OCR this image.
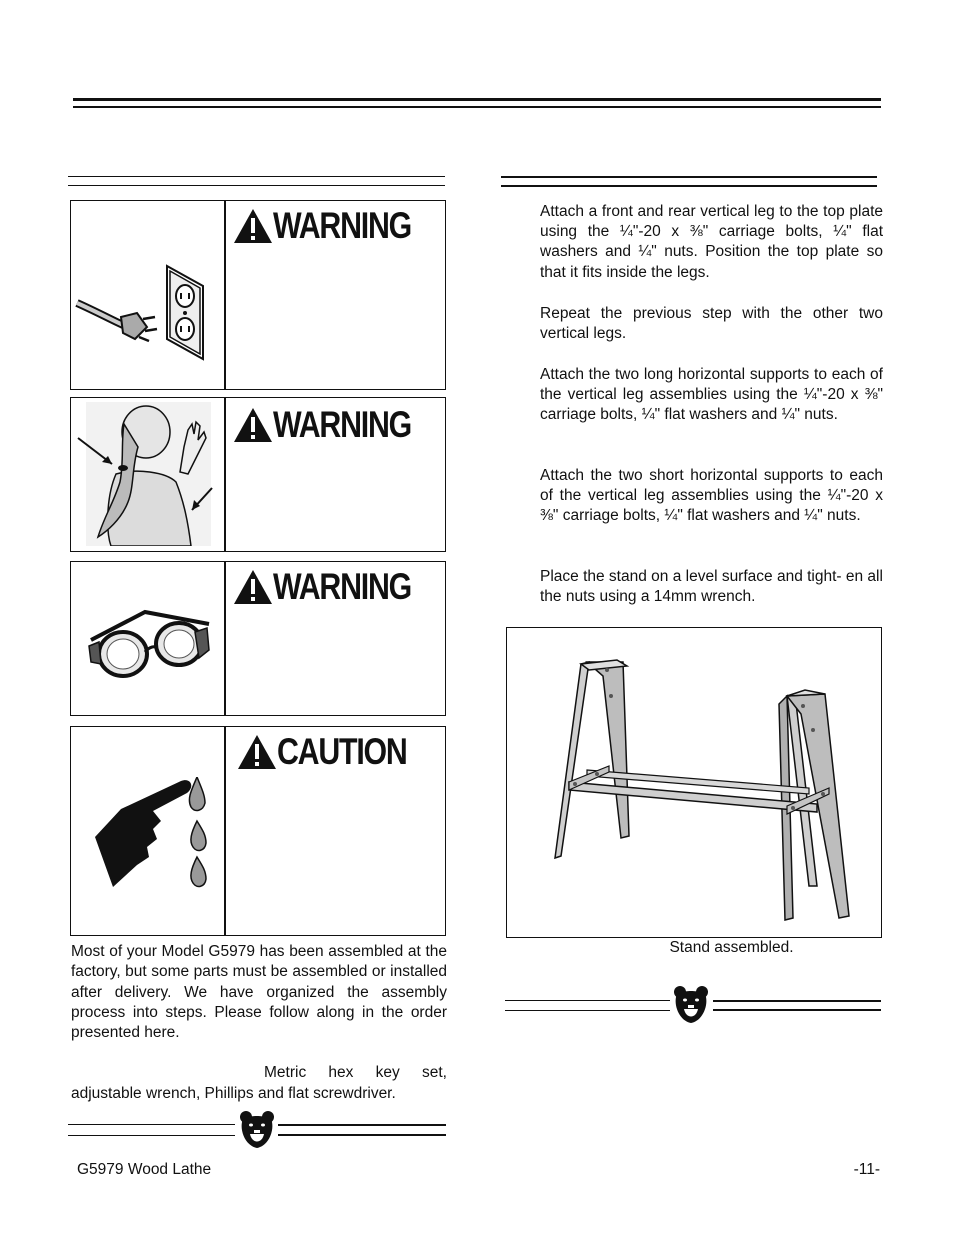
WARNING
WARNING
WARNING
CAUTION
Most of your Model G5979 has been assembled at the factory, but some parts must be assembled or installed after delivery. We have organized the assembly process into steps. Please follow along in the order presented here.
Metric hex key set,
adjustable wrench, Phillips and flat screwdriver.
Attach a front and rear vertical leg to the top plate using the ¼"-20 x ⅜" carriage bolts, ¼" flat washers and ¼" nuts. Position the top plate so that it fits inside the legs.
Repeat the previous step with the other two vertical legs.
Attach the two long horizontal supports to each of the vertical leg assemblies using the ¼"-20 x ⅜" carriage bolts, ¼" flat washers and ¼" nuts.
Attach the two short horizontal supports to each of the vertical leg assemblies using the ¼"-20 x ⅜" carriage bolts, ¼" flat washers and ¼" nuts.
Place the stand on a level surface and tight- en all the nuts using a 14mm wrench.
Stand assembled.
G5979 Wood Lathe	-11-
